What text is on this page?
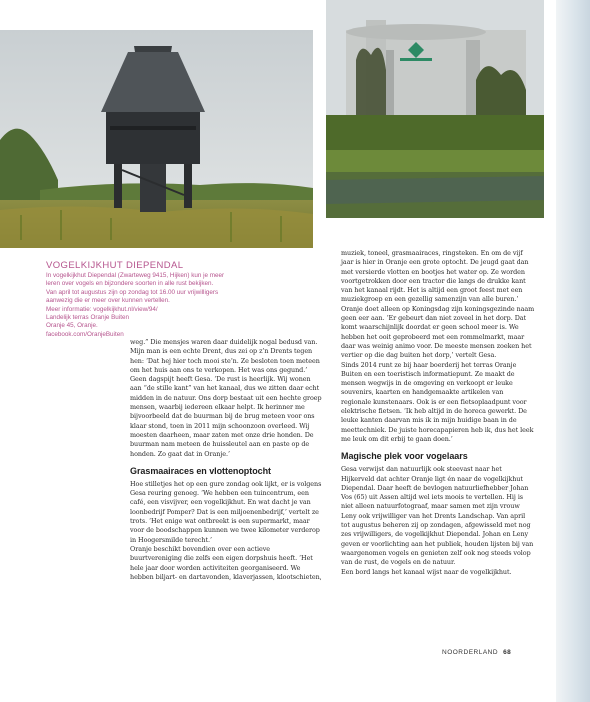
VOGELKIJKHUT DIEPENDAL
In vogelkijkhut Diependal (Zwarteweg 9415, Hijken) kun je meer
leren over vogels en bijzondere soorten in alle rust bekijken.
Van april tot augustus zijn op zondag tot 16.00 uur vrijwilligers
aanwezig die er meer over kunnen vertellen.
Meer informatie: vogelkijkhut.nl/view/94/
Landelijk terras Oranje Buiten
Oranje 45, Oranje.
facebook.com/OranjeBuiten

weg.” Die mensjes waren daar duidelijk nogal bedusd van. Mijn man is een echte Drent, dus zei op z’n Drents tegen hen: ‘Dat hej hier toch mooi ste’n. Ze besloten toen meteen om het huis aan ons te verkopen. Het was ons gegund.’

Geen dagspijt heeft Gesa. ‘De rust is heerlijk. Wij wonen aan “de stille kant” van het kanaal, dus we zitten daar echt midden in de natuur. Ons dorp bestaat uit een hechte groep mensen, waarbij iedereen elkaar helpt. Ik herinner me bijvoorbeeld dat de buurman bij de brug meteen voor ons klaar stond, toen in 2011 mijn schoonzoon overleed. Wij moesten daarheen, maar zaten met onze drie honden. De buurman nam meteen de huissleutel aan en paste op de honden. Zo gaat dat in Oranje.’

Grasmaairaces en vlottenoptocht

Hoe stilletjes het op een gure zondag ook lijkt, er is volgens Gesa reuring genoeg. ‘We hebben een tuincentrum, een café, een visvijver, een vogelkijkhut. En wat dacht je van loonbedrijf Pomper? Dat is een miljoenenbedrijf,’ vertelt ze trots. ‘Het enige wat ontbreekt is een supermarkt, maar voor de boodschappen kunnen we twee kilometer verderop in Hoogersmilde terecht.’

Oranje beschikt bovendien over een actieve buurtvereniging die zelfs een eigen dorpshuis heeft. ‘Het hele jaar door worden activiteiten georganiseerd. We hebben biljart- en dartavonden, klaverjassen, klootschieten,

muziek, toneel, grasmaairaces, ringsteken. En om de vijf jaar is hier in Oranje een grote optocht. De jeugd gaat dan met versierde vlotten en bootjes het water op. Ze worden voortgetrokken door een tractor die langs de drukke kant van het kanaal rijdt. Het is altijd een groot feest met een muziekgroep en een gezellig samenzijn van alle buren.’

Oranje doet alleen op Koningsdag zijn koningsgezinde naam geen eer aan. ‘Er gebeurt dan niet zoveel in het dorp. Dat komt waarschijnlijk doordat er geen school meer is. We hebben het ooit geprobeerd met een rommelmarkt, maar daar was weinig animo voor. De meeste mensen zoeken het vertier op die dag buiten het dorp,’ vertelt Gesa.

Sinds 2014 runt ze bij haar boerderij het terras Oranje Buiten en een toeristisch informatiepunt. Ze maakt de mensen wegwijs in de omgeving en verkoopt er leuke souvenirs, kaarten en handgemaakte artikelen van regionale kunstenaars. Ook is er een fietsoplaadpunt voor elektrische fietsen. ‘Ik heb altijd in de horeca gewerkt. De leuke kanten daarvan mis ik in mijn huidige baan in de meettechniek. De juiste horecapapieren heb ik, dus het leek me leuk om dit erbij te gaan doen.’

Magische plek voor vogelaars

Gesa verwijst dan natuurlijk ook steevast naar het Hijkerveld dat achter Oranje ligt én naar de vogelkijkhut Diependal. Daar heeft de bevlogen natuurliefhebber Johan Vos (65) uit Assen altijd wel iets moois te vertellen. Hij is niet alleen natuurfotograaf, maar samen met zijn vrouw Leny ook vrijwilliger van het Drents Landschap. Van april tot augustus beheren zij op zondagen, afgewisseld met nog zes vrijwilligers, de vogelkijkhut Diependal. Johan en Leny geven er voorlichting aan het publiek, houden lijsten bij van waargenomen vogels en genieten zelf ook nog steeds volop van de rust, de vogels en de natuur.

Een bord langs het kanaal wijst naar de vogelkijkhut.

NOORDERLAND 68
